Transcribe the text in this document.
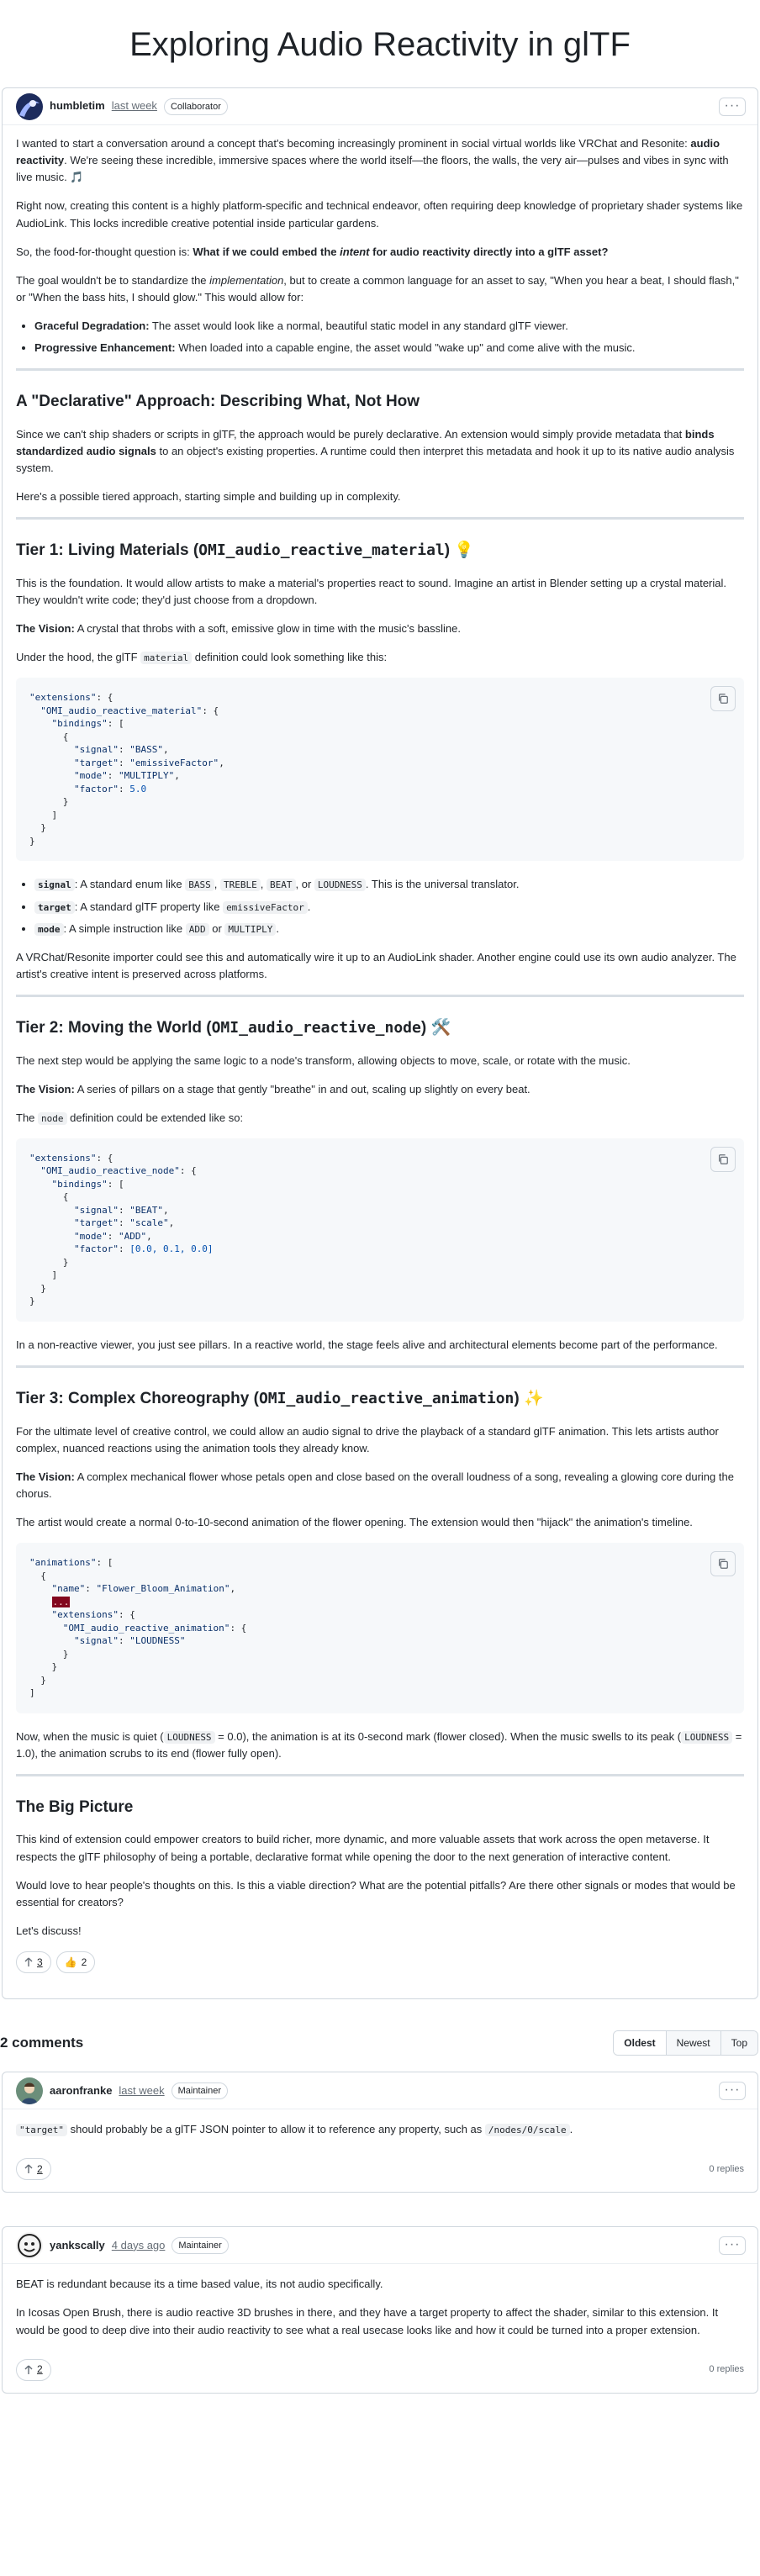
Exploring Audio Reactivity in glTF
humbletim last week	Collaborator	···

I wanted to start a conversation around a concept that's becoming increasingly prominent in social virtual worlds like VRChat and Resonite: audio reactivity. We're seeing these incredible, immersive spaces where the world itself—the floors, the walls, the very air—pulses and vibes in sync with live music. 🎵

Right now, creating this content is a highly platform-specific and technical endeavor, often requiring deep knowledge of proprietary shader systems like AudioLink. This locks incredible creative potential inside particular gardens.

So, the food-for-thought question is: What if we could embed the intent for audio reactivity directly into a glTF asset?

The goal wouldn't be to standardize the implementation, but to create a common language for an asset to say, "When you hear a beat, I should flash," or "When the bass hits, I should glow." This would allow for:

• Graceful Degradation: The asset would look like a normal, beautiful static model in any standard glTF viewer.
• Progressive Enhancement: When loaded into a capable engine, the asset would "wake up" and come alive with the music.
A "Declarative" Approach: Describing What, Not How

Since we can't ship shaders or scripts in glTF, the approach would be purely declarative. An extension would simply provide metadata that binds standardized audio signals to an object's existing properties. A runtime could then interpret this metadata and hook it up to its native audio analysis system.

Here's a possible tiered approach, starting simple and building up in complexity.

Tier 1: Living Materials (OMI_audio_reactive_material) 💡

This is the foundation. It would allow artists to make a material's properties react to sound. Imagine an artist in Blender setting up a crystal material. They wouldn't write code; they'd just choose from a dropdown.

The Vision: A crystal that throbs with a soft, emissive glow in time with the music's bassline.

Under the hood, the glTF material definition could look something like this:

"extensions": {
"OMI_audio_reactive_material": {
"bindings": [
{
"signal": "BASS",
"target": "emissiveFactor",
"mode": "MULTIPLY",
"factor": 5.0
}
]
}
}
• signal : A standard enum like BASS , TREBLE , BEAT , or LOUDNESS . This is the universal translator.
• target : A standard glTF property like emissiveFactor .
• mode : A simple instruction like ADD or MULTIPLY .

A VRChat/Resonite importer could see this and automatically wire it up to an AudioLink shader. Another engine could use its own audio analyzer. The artist's creative intent is preserved across platforms.

Tier 2: Moving the World (OMI_audio_reactive_node) 🛠️

The next step would be applying the same logic to a node's transform, allowing objects to move, scale, or rotate with the music.

The Vision: A series of pillars on a stage that gently "breathe" in and out, scaling up slightly on every beat.

The node definition could be extended like so:

"extensions": {
"OMI_audio_reactive_node": {
"bindings": [
{
"signal": "BEAT",
"target": "scale",
"mode": "ADD",
"factor": [0.0, 0.1, 0.0]
}
]
}
}

In a non-reactive viewer, you just see pillars. In a reactive world, the stage feels alive and architectural elements become part of the performance.

Tier 3: Complex Choreography (OMI_audio_reactive_animation) ✨

For the ultimate level of creative control, we could allow an audio signal to drive the playback of a standard glTF animation. This lets artists author complex, nuanced reactions using the animation tools they already know.

The Vision: A complex mechanical flower whose petals open and close based on the overall loudness of a song, revealing a glowing core during the chorus.

The artist would create a normal 0-to-10-second animation of the flower opening. The extension would then "hijack" the animation's timeline.

"animations": [
{
"name": "Flower_Bloom_Animation",
...
"extensions": {
"OMI_audio_reactive_animation": {
"signal": "LOUDNESS"
}
}
}
]

Now, when the music is quiet ( LOUDNESS = 0.0), the animation is at its 0-second mark (flower closed). When the music swells to its peak ( LOUDNESS = 1.0), the animation scrubs to its end (flower fully open).

The Big Picture

This kind of extension could empower creators to build richer, more dynamic, and more valuable assets that work across the open metaverse. It respects the glTF philosophy of being a portable, declarative format while opening the door to the next generation of interactive content.

Would love to hear people's thoughts on this. Is this a viable direction? What are the potential pitfalls? Are there other signals or modes that would be essential for creators?

Let's discuss!

3 👍 2
2 comments	Oldest	Newest	Top
aaronfranke last week	Maintainer	···

"target" should probably be a glTF JSON pointer to allow it to reference any property, such as /nodes/0/scale .

2	0 replies
yankscally 4 days ago	Maintainer	···

BEAT is redundant because its a time based value, its not audio specifically.

In Icosas Open Brush, there is audio reactive 3D brushes in there, and they have a target property to affect the shader, similar to this extension. It would be good to deep dive into their audio reactivity to see what a real usecase looks like and how it could be turned into a proper extension.

2	0 replies
